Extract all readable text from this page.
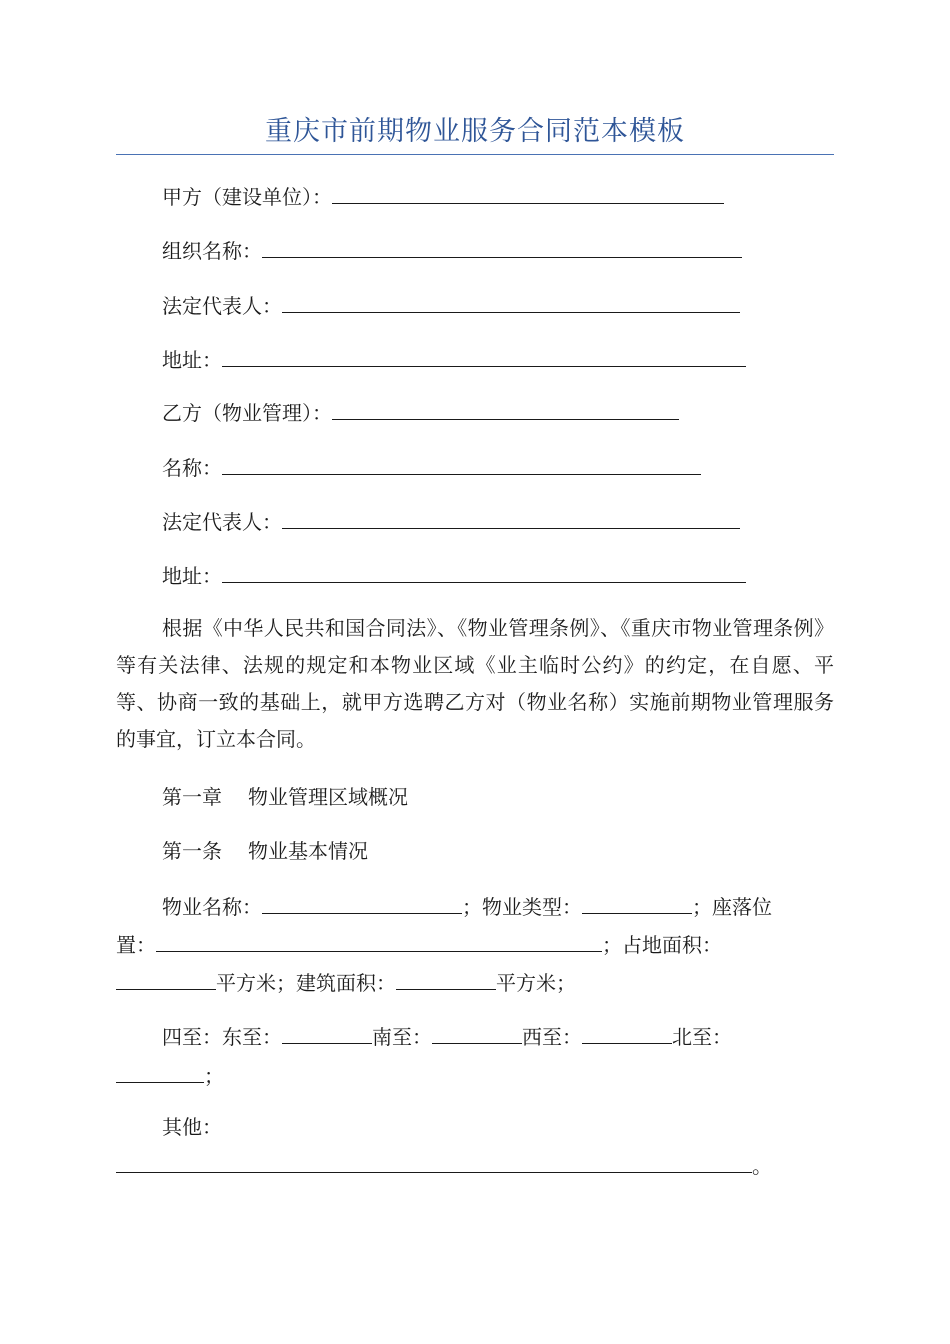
重庆市前期物业服务合同范本模板
甲方（建设单位）：
组织名称：
法定代表人：
地址：
乙方（物业管理）：
名称：
法定代表人：
地址：
根据《中华人民共和国合同法》、《物业管理条例》、《重庆市物业管理条例》等有关法律、法规的规定和本物业区域《业主临时公约》的约定，在自愿、平等、协商一致的基础上，就甲方选聘乙方对（物业名称）实施前期物业管理服务的事宜，订立本合同。
第一章 物业管理区域概况
第一条 物业基本情况
物业名称：	；物业类型：	；座落位
置：	；占地面积：
平方米；建筑面积：	平方米；
四至：东至：	南至：	西至：	北至：
；
其他：
。
